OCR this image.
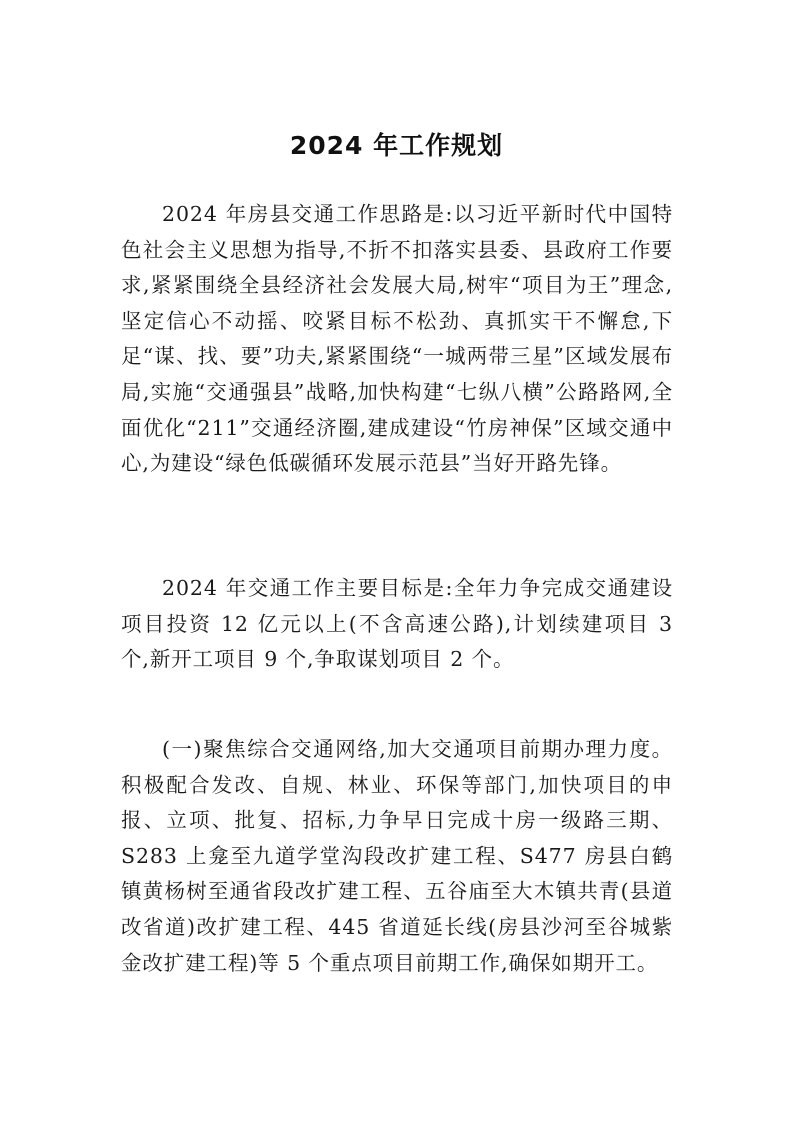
2024 年工作规划

2024 年房县交通工作思路是:以习近平新时代中国特色社会主义思想为指导,不折不扣落实县委、县政府工作要求,紧紧围绕全县经济社会发展大局,树牢“项目为王”理念,坚定信心不动摇、咬紧目标不松劲、真抓实干不懈怠,下足“谋、找、要”功夫,紧紧围绕“一城两带三星”区域发展布局,实施“交通强县”战略,加快构建“七纵八横”公路路网,全面优化“211”交通经济圈,建成建设“竹房神保”区域交通中心,为建设“绿色低碳循环发展示范县”当好开路先锋。

2024 年交通工作主要目标是:全年力争完成交通建设项目投资 12 亿元以上(不含高速公路),计划续建项目 3 个,新开工项目 9 个,争取谋划项目 2 个。

(一)聚焦综合交通网络,加大交通项目前期办理力度。积极配合发改、自规、林业、环保等部门,加快项目的申报、立项、批复、招标,力争早日完成十房一级路三期、S283 上龛至九道学堂沟段改扩建工程、S477 房县白鹤镇黄杨树至通省段改扩建工程、五谷庙至大木镇共青(县道改省道)改扩建工程、445 省道延长线(房县沙河至谷城紫金改扩建工程)等 5 个重点项目前期工作,确保如期开工。
